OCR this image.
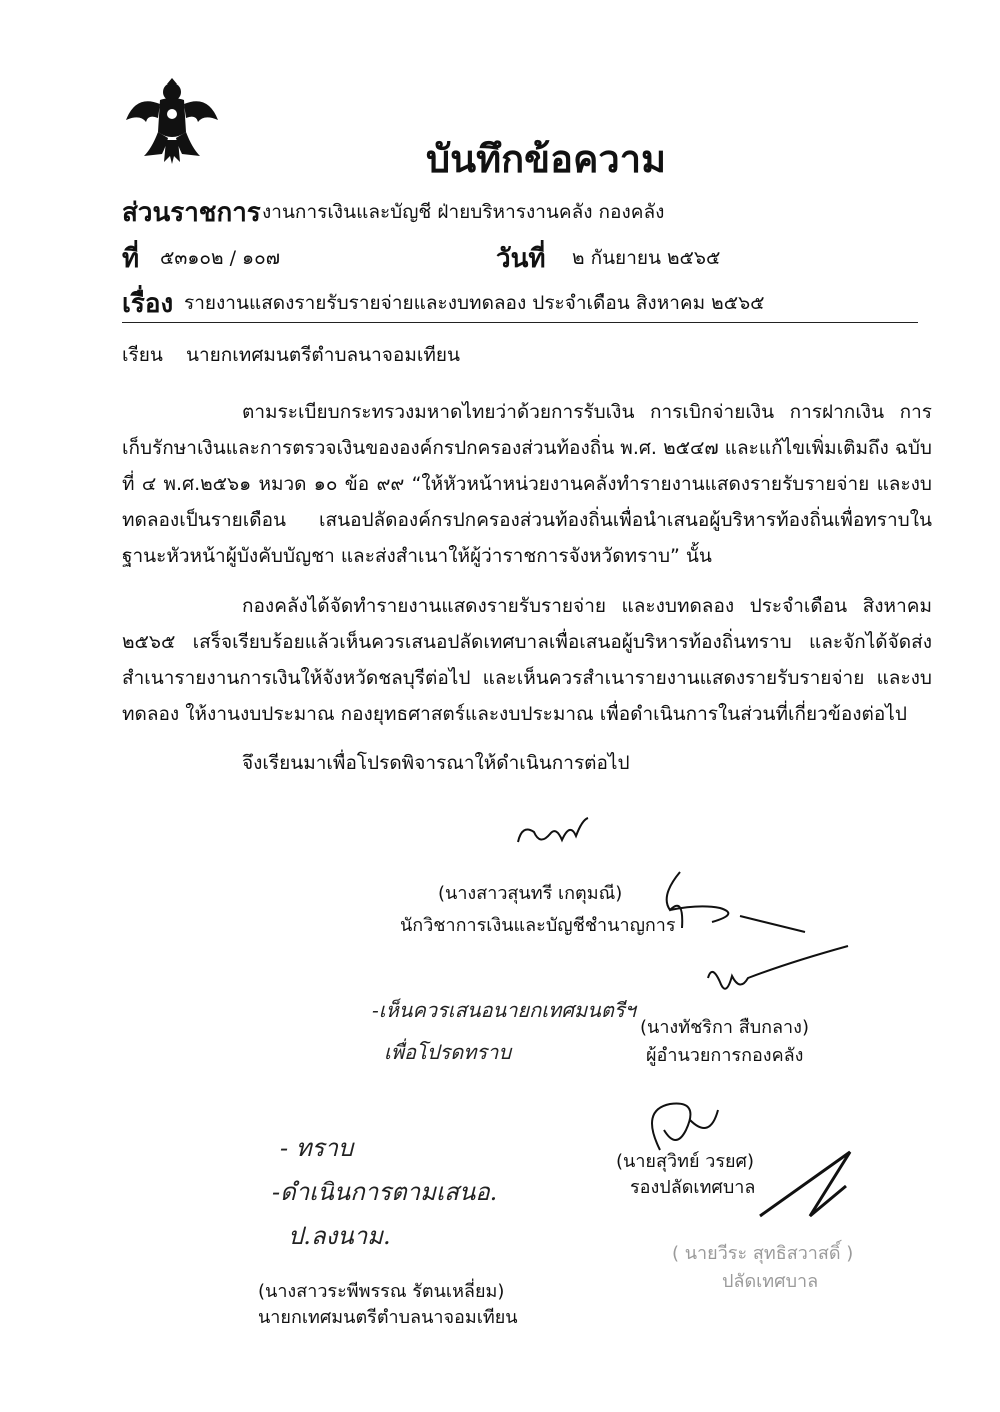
บันทึกข้อความ
ส่วนราชการ งานการเงินและบัญชี ฝ่ายบริหารงานคลัง กองคลัง
ที่ ๕๓๑๐๒ / ๑๐๗	วันที่ ๒ กันยายน ๒๕๖๕
เรื่อง รายงานแสดงรายรับรายจ่ายและงบทดลอง ประจำเดือน สิงหาคม ๒๕๖๕
เรียน นายกเทศมนตรีตำบลนาจอมเทียน
ตามระเบียบกระทรวงมหาดไทยว่าด้วยการรับเงิน การเบิกจ่ายเงิน การฝากเงิน การเก็บรักษาเงินและการตรวจเงินขององค์กรปกครองส่วนท้องถิ่น พ.ศ. ๒๕๔๗ และแก้ไขเพิ่มเติมถึง ฉบับที่ ๔ พ.ศ.๒๕๖๑ หมวด ๑๐ ข้อ ๙๙ “ให้หัวหน้าหน่วยงานคลังทำรายงานแสดงรายรับรายจ่าย และงบทดลองเป็นรายเดือน เสนอปลัดองค์กรปกครองส่วนท้องถิ่นเพื่อนำเสนอผู้บริหารท้องถิ่นเพื่อทราบในฐานะหัวหน้าผู้บังคับบัญชา และส่งสำเนาให้ผู้ว่าราชการจังหวัดทราบ” นั้น
กองคลังได้จัดทำรายงานแสดงรายรับรายจ่าย และงบทดลอง ประจำเดือน สิงหาคม ๒๕๖๕ เสร็จเรียบร้อยแล้วเห็นควรเสนอปลัดเทศบาลเพื่อเสนอผู้บริหารท้องถิ่นทราบ และจักได้จัดส่งสำเนารายงานการเงินให้จังหวัดชลบุรีต่อไป และเห็นควรสำเนารายงานแสดงรายรับรายจ่าย และงบทดลอง ให้งานงบประมาณ กองยุทธศาสตร์และงบประมาณ เพื่อดำเนินการในส่วนที่เกี่ยวข้องต่อไป
จึงเรียนมาเพื่อโปรดพิจารณาให้ดำเนินการต่อไป
(นางสาวสุนทรี เกตุมณี)
นักวิชาการเงินและบัญชีชำนาญการ
-เห็นควรเสนอนายกเทศมนตรีฯ
เพื่อโปรดทราบ
(นางทัชริกา สืบกลาง)
ผู้อำนวยการกองคลัง
(นายสุวิทย์ วรยศ)
รองปลัดเทศบาล
( นายวีระ สุทธิสวาสดิ์ )
ปลัดเทศบาล
- ทราบ
-ดำเนินการตามเสนอ.
ป.ลงนาม.
(นางสาวระพีพรรณ รัตนเหลี่ยม)
นายกเทศมนตรีตำบลนาจอมเทียน
